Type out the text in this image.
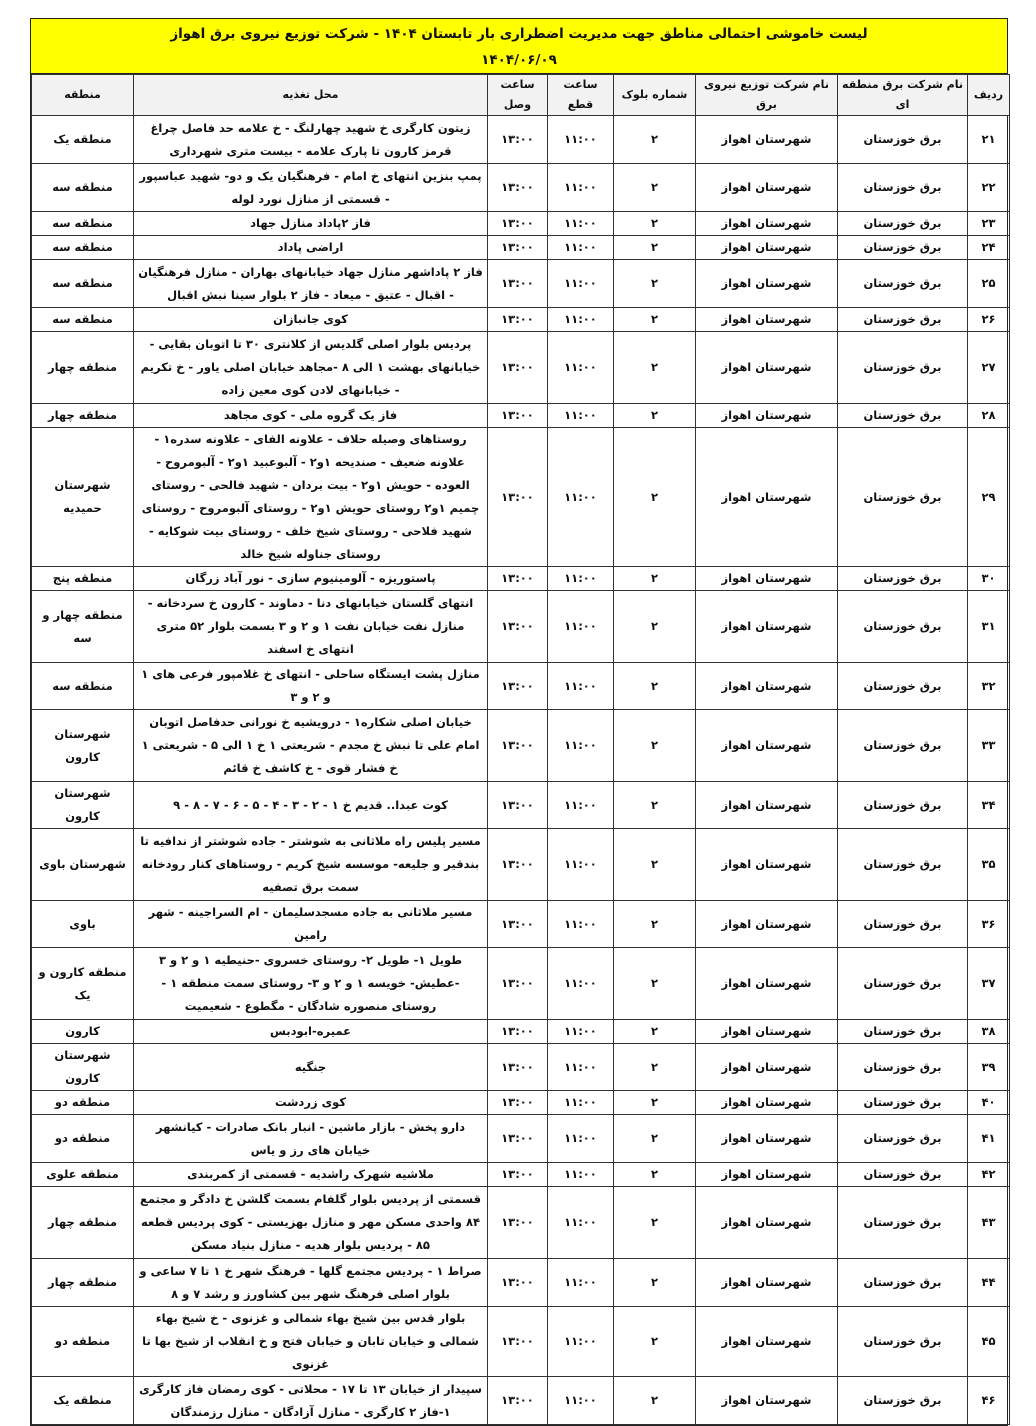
لیست خاموشی احتمالی مناطق جهت مدیریت اضطراری بار تابستان ۱۴۰۴ - شرکت توزیع نیروی برق اهواز
۱۴۰۴/۰۶/۰۹
ردیف	نام شرکت برق منطقه ای	نام شرکت توزیع نیروی برق	شماره بلوک	ساعت قطع	ساعت وصل	محل تغذیه	منطقه
۲۱	برق خوزستان	شهرستان اهواز	۲	۱۱:۰۰	۱۳:۰۰	زیتون کارگری خ شهید چهارلنگ - خ علامه حد فاصل چراغ قرمز کارون تا پارک علامه - بیست متری شهرداری	منطقه یک
۲۲	برق خوزستان	شهرستان اهواز	۲	۱۱:۰۰	۱۳:۰۰	پمپ بنزین انتهای خ امام - فرهنگیان یک و دو- شهید عباسپور - قسمتی از منازل نورد لوله	منطقه سه
۲۳	برق خوزستان	شهرستان اهواز	۲	۱۱:۰۰	۱۳:۰۰	فاز ۲پاداد منازل جهاد	منطقه سه
۲۴	برق خوزستان	شهرستان اهواز	۲	۱۱:۰۰	۱۳:۰۰	اراضی پاداد	منطقه سه
۲۵	برق خوزستان	شهرستان اهواز	۲	۱۱:۰۰	۱۳:۰۰	فاز ۲ پاداشهر منازل جهاد خیابانهای بهاران - منازل فرهنگیان - اقبال - عتیق - میعاد - فاز ۲ بلوار سینا نبش اقبال	منطقه سه
۲۶	برق خوزستان	شهرستان اهواز	۲	۱۱:۰۰	۱۳:۰۰	کوی جانبازان	منطقه سه
۲۷	برق خوزستان	شهرستان اهواز	۲	۱۱:۰۰	۱۳:۰۰	پردیس بلوار اصلی گلدیس از کلانتری ۳۰ تا اتوبان بقایی - خیابانهای بهشت ۱ الی ۸ -مجاهد خیابان اصلی یاور - خ تکریم - خیابانهای لادن کوی معین زاده	منطقه چهار
۲۸	برق خوزستان	شهرستان اهواز	۲	۱۱:۰۰	۱۳:۰۰	فاز یک گروه ملی - کوی مجاهد	منطقه چهار
۲۹	برق خوزستان	شهرستان اهواز	۲	۱۱:۰۰	۱۳:۰۰	روستاهای وصیله حلاف - علاونه الفای - علاونه سدره۱ - علاونه ضعیف - صندیحه ۱و۲ - آلبوعبید ۱و۲ - آلبومروح - العوده - حویش ۱و۲ - بیت بردان - شهید فالحی - روستای چمیم ۱و۲ روستای حویش ۱و۲ - روستای آلبومروح - روستای شهید فلاحی - روستای شیخ خلف - روستای بیت شوکایه - روستای جناوله شیخ خالد	شهرستان حمیدیه
۳۰	برق خوزستان	شهرستان اهواز	۲	۱۱:۰۰	۱۳:۰۰	پاستوریزه - آلومینیوم سازی - نور آباد زرگان	منطقه پنج
۳۱	برق خوزستان	شهرستان اهواز	۲	۱۱:۰۰	۱۳:۰۰	انتهای گلستان خیابانهای دنا - دماوند - کارون خ سردخانه - منازل نفت خیابان نفت ۱ و ۲ و ۳ بسمت بلوار ۵۲ متری انتهای خ اسفند	منطقه چهار و سه
۳۲	برق خوزستان	شهرستان اهواز	۲	۱۱:۰۰	۱۳:۰۰	منازل پشت ایستگاه ساحلی - انتهای خ غلامپور فرعی های ۱ و ۲ و ۳	منطقه سه
۳۳	برق خوزستان	شهرستان اهواز	۲	۱۱:۰۰	۱۳:۰۰	خیابان اصلی شکاره۱ - درویشیه خ نورانی حدفاصل اتوبان امام علی تا نبش خ مجدم - شریعتی ۱ خ ۱ الی ۵ - شریعتی ۱ خ فشار قوی - خ کاشف خ قائم	شهرستان کارون
۳۴	برق خوزستان	شهرستان اهواز	۲	۱۱:۰۰	۱۳:۰۰	کوت عبدا.. قدیم خ ۱ - ۲ - ۳ - ۴ - ۵ - ۶ - ۷ - ۸ - ۹	شهرستان کارون
۳۵	برق خوزستان	شهرستان اهواز	۲	۱۱:۰۰	۱۳:۰۰	مسیر پلیس راه ملاثانی به شوشتر - جاده شوشتر از ندافیه تا بندقیر و جلیعه- موسسه شیخ کریم - روستاهای کنار رودخانه سمت برق تصفیه	شهرستان باوی
۳۶	برق خوزستان	شهرستان اهواز	۲	۱۱:۰۰	۱۳:۰۰	مسیر ملاثانی به جاده مسجدسلیمان - ام السراجینه - شهر رامین	باوی
۳۷	برق خوزستان	شهرستان اهواز	۲	۱۱:۰۰	۱۳:۰۰	طویل ۱- طویل ۲- روستای خسروی -حنیطیه ۱ و ۲ و ۳ -عطیش- خویسه ۱ و ۲ و ۳- روستای سمت منطقه ۱ - روستای منصوره شادگان - مگطوع - شعیمیت	منطقه کارون و یک
۳۸	برق خوزستان	شهرستان اهواز	۲	۱۱:۰۰	۱۳:۰۰	عمیره-ابودبس	کارون
۳۹	برق خوزستان	شهرستان اهواز	۲	۱۱:۰۰	۱۳:۰۰	جنگیه	شهرستان کارون
۴۰	برق خوزستان	شهرستان اهواز	۲	۱۱:۰۰	۱۳:۰۰	کوی زردشت	منطقه دو
۴۱	برق خوزستان	شهرستان اهواز	۲	۱۱:۰۰	۱۳:۰۰	دارو پخش - بازار ماشین - انبار بانک صادرات - کیانشهر خیابان های رز و یاس	منطقه دو
۴۲	برق خوزستان	شهرستان اهواز	۲	۱۱:۰۰	۱۳:۰۰	ملاشیه شهرک راشدیه - قسمتی از کمربندی	منطقه علوی
۴۳	برق خوزستان	شهرستان اهواز	۲	۱۱:۰۰	۱۳:۰۰	قسمتی از پردیس بلوار گلفام بسمت گلشن خ دادگر و مجتمع ۸۴ واحدی مسکن مهر و منازل بهزیستی - کوی پردیس قطعه ۸۵ - پردیس بلوار هدیه - منازل بنیاد مسکن	منطقه چهار
۴۴	برق خوزستان	شهرستان اهواز	۲	۱۱:۰۰	۱۳:۰۰	صراط ۱ - پردیس مجتمع گلها - فرهنگ شهر خ ۱ تا ۷ ساعی و بلوار اصلی فرهنگ شهر بین کشاورز و رشد ۷ و ۸	منطقه چهار
۴۵	برق خوزستان	شهرستان اهواز	۲	۱۱:۰۰	۱۳:۰۰	بلوار قدس بین شیخ بهاء شمالی و غزنوی - خ شیخ بهاء شمالی و خیابان تابان و خیابان فتح و خ انقلاب از شیخ بها تا غزنوی	منطقه دو
۴۶	برق خوزستان	شهرستان اهواز	۲	۱۱:۰۰	۱۳:۰۰	سپیدار از خیابان ۱۳ تا ۱۷ - محلاتی - کوی رمضان فاز کارگری ۱-فاز ۲ کارگری - منازل آزادگان - منازل رزمندگان	منطقه یک
